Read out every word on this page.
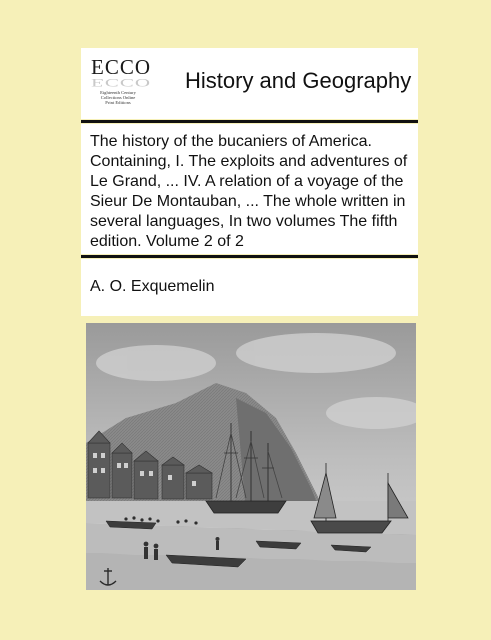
ECCO
ECCO
Eighteenth Century
Collections Online
Print Editions
History and Geography
The history of the bucaniers of America. Containing, I. The exploits and adventures of Le Grand, ... IV. A relation of a voyage of the Sieur De Montauban, ... The whole written in several languages, In two volumes The fifth edition. Volume 2 of 2
A. O. Exquemelin
